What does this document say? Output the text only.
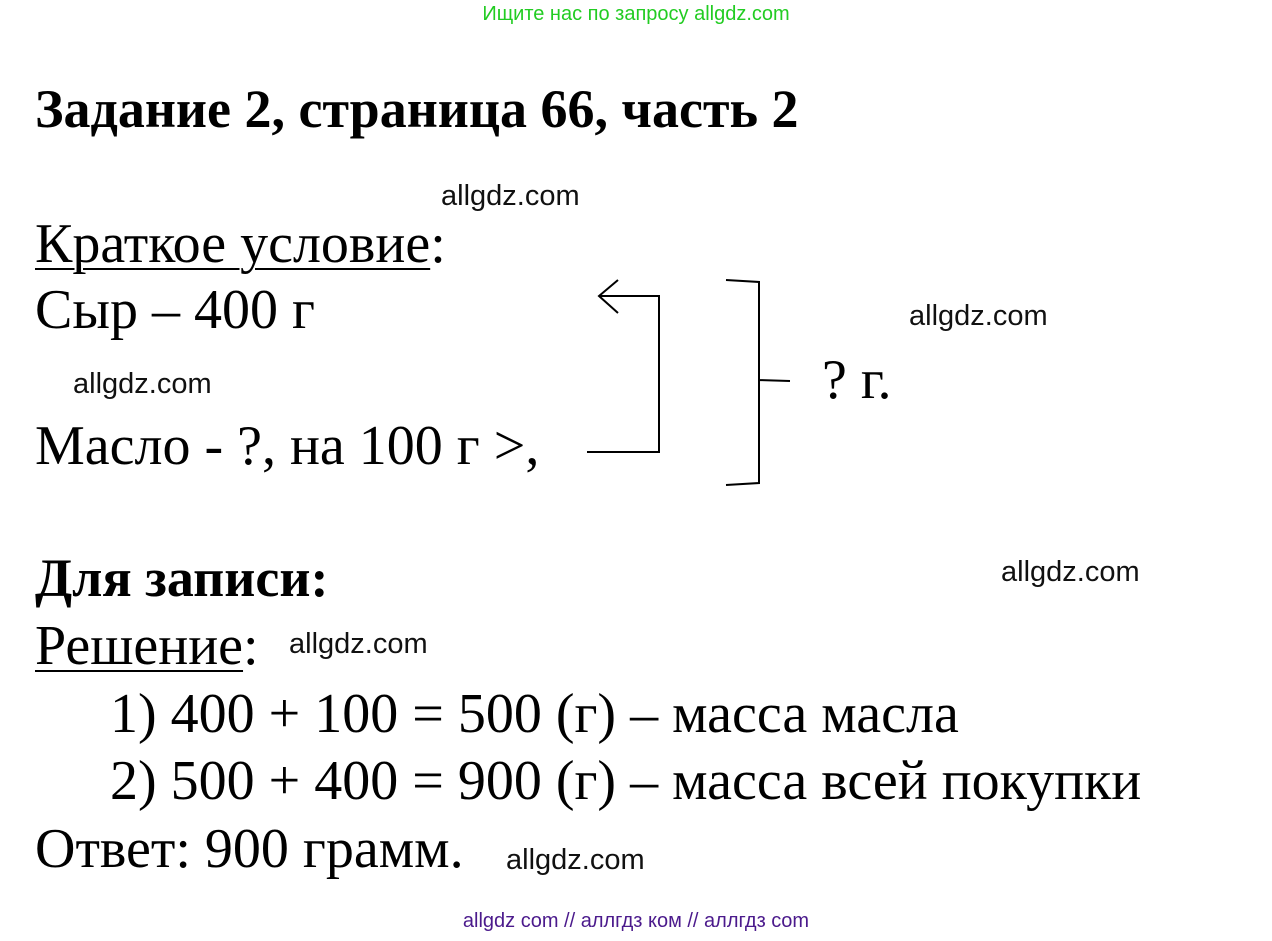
Ищите нас по запросу allgdz.com
Задание 2, страница 66, часть 2
allgdz.com
Краткое условие:
Сыр – 400 г	allgdz.com
allgdz.com
Масло - ?, на 100 г >,
? г.
Для записи:	allgdz.com
Решение: allgdz.com
1) 400 + 100 = 500 (г) – масса масла
2) 500 + 400 = 900 (г) – масса всей покупки
Ответ: 900 грамм. allgdz.com
allgdz com // аллгдз ком // аллгдз com
